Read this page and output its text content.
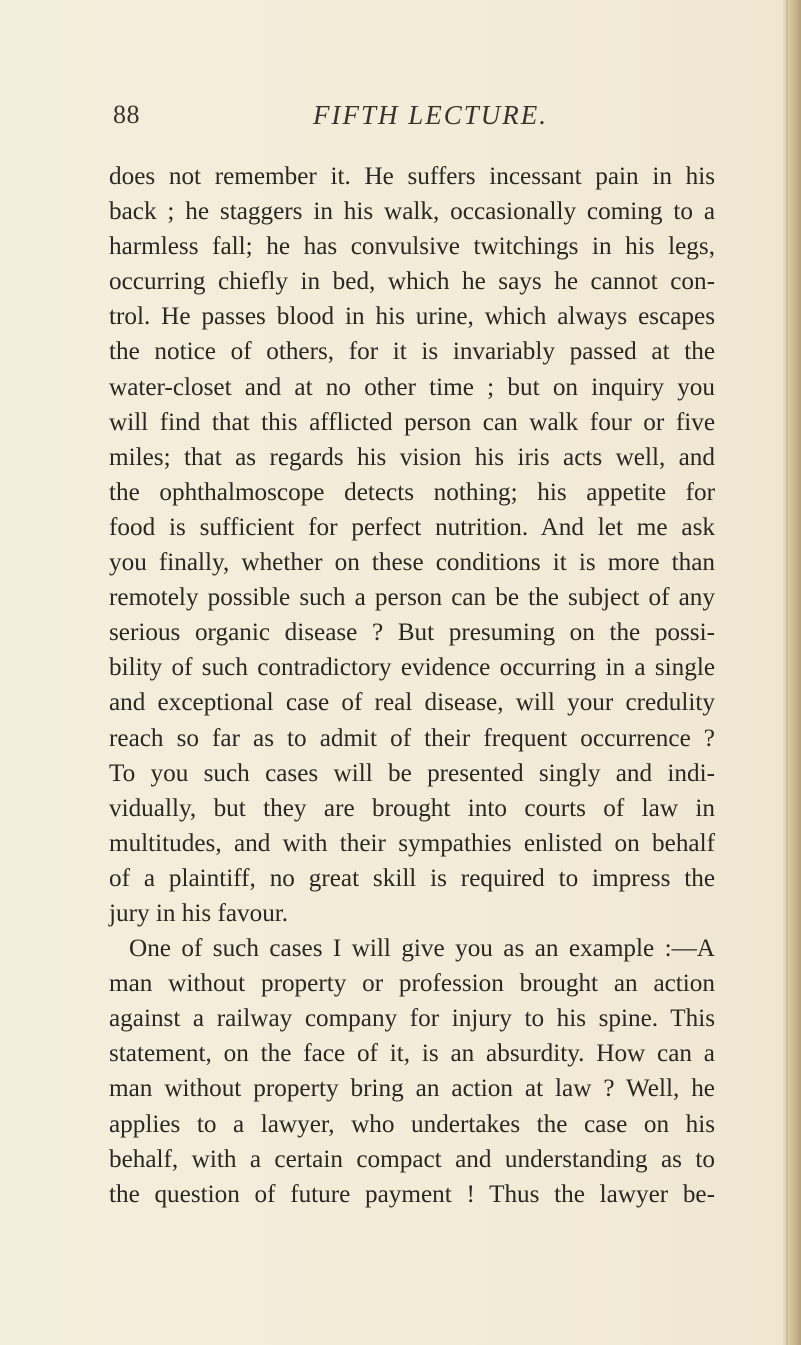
88	FIFTH LECTURE.
does not remember it. He suffers incessant pain in his
back ; he staggers in his walk, occasionally coming to a
harmless fall; he has convulsive twitchings in his legs,
occurring chiefly in bed, which he says he cannot con-
trol. He passes blood in his urine, which always escapes
the notice of others, for it is invariably passed at the
water-closet and at no other time ; but on inquiry you
will find that this afflicted person can walk four or five
miles; that as regards his vision his iris acts well, and
the ophthalmoscope detects nothing; his appetite for
food is sufficient for perfect nutrition. And let me ask
you finally, whether on these conditions it is more than
remotely possible such a person can be the subject of any
serious organic disease ? But presuming on the possi-
bility of such contradictory evidence occurring in a single
and exceptional case of real disease, will your credulity
reach so far as to admit of their frequent occurrence ?
To you such cases will be presented singly and indi-
vidually, but they are brought into courts of law in
multitudes, and with their sympathies enlisted on behalf
of a plaintiff, no great skill is required to impress the
jury in his favour.
One of such cases I will give you as an example :—A
man without property or profession brought an action
against a railway company for injury to his spine. This
statement, on the face of it, is an absurdity. How can a
man without property bring an action at law ? Well, he
applies to a lawyer, who undertakes the case on his
behalf, with a certain compact and understanding as to
the question of future payment ! Thus the lawyer be-
